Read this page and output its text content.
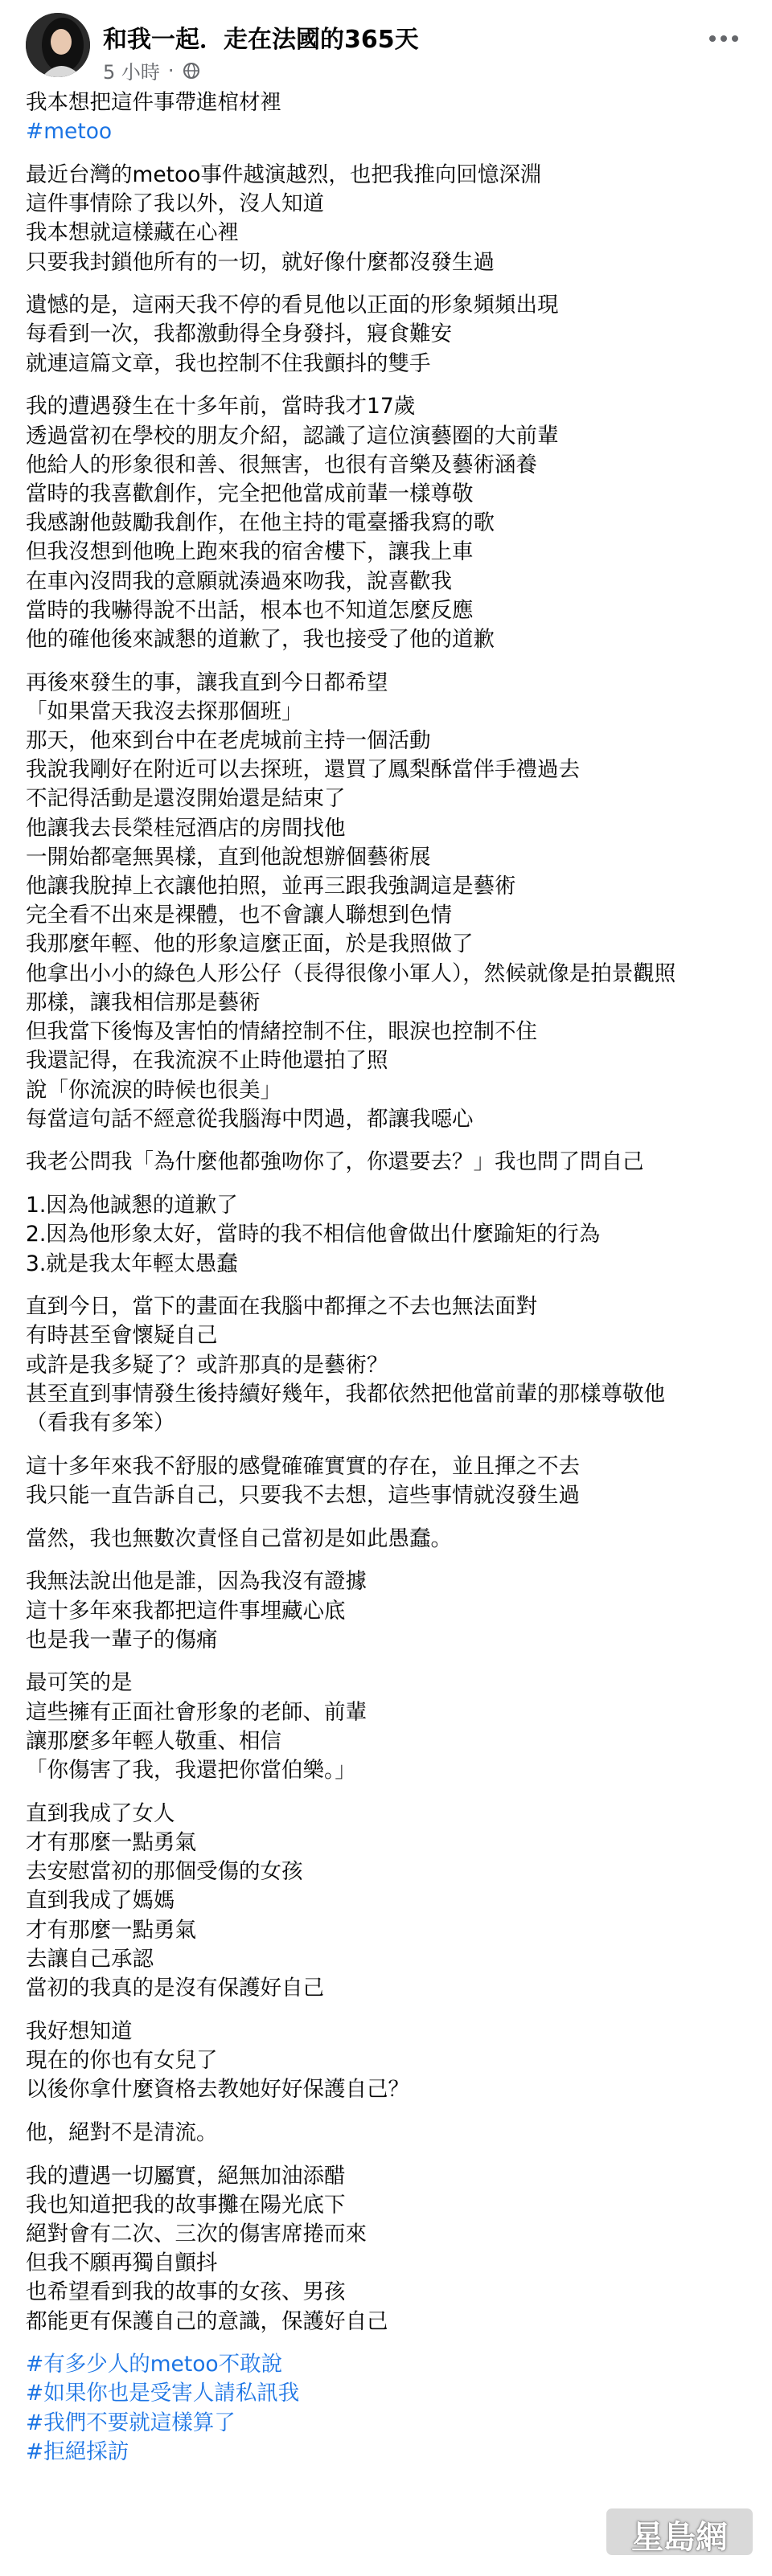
和我一起．走在法國的365天
5 小時 ·
我本想把這件事帶進棺材裡
#metoo
最近台灣的metoo事件越演越烈，也把我推向回憶深淵
這件事情除了我以外，沒人知道
我本想就這樣藏在心裡
只要我封鎖他所有的一切，就好像什麼都沒發生過
遺憾的是，這兩天我不停的看見他以正面的形象頻頻出現
每看到一次，我都激動得全身發抖，寢食難安
就連這篇文章，我也控制不住我顫抖的雙手
我的遭遇發生在十多年前，當時我才17歲
透過當初在學校的朋友介紹，認識了這位演藝圈的大前輩
他給人的形象很和善、很無害，也很有音樂及藝術涵養
當時的我喜歡創作，完全把他當成前輩一樣尊敬
我感謝他鼓勵我創作，在他主持的電臺播我寫的歌
但我沒想到他晚上跑來我的宿舍樓下，讓我上車
在車內沒問我的意願就湊過來吻我，說喜歡我
當時的我嚇得說不出話，根本也不知道怎麼反應
他的確他後來誠懇的道歉了，我也接受了他的道歉
再後來發生的事，讓我直到今日都希望
「如果當天我沒去探那個班」
那天，他來到台中在老虎城前主持一個活動
我說我剛好在附近可以去探班，還買了鳳梨酥當伴手禮過去
不記得活動是還沒開始還是結束了
他讓我去長榮桂冠酒店的房間找他
一開始都毫無異樣，直到他說想辦個藝術展
他讓我脫掉上衣讓他拍照，並再三跟我強調這是藝術
完全看不出來是裸體，也不會讓人聯想到色情
我那麼年輕、他的形象這麼正面，於是我照做了
他拿出小小的綠色人形公仔（長得很像小軍人），然候就像是拍景觀照
那樣，讓我相信那是藝術
但我當下後悔及害怕的情緒控制不住，眼淚也控制不住
我還記得，在我流淚不止時他還拍了照
說「你流淚的時候也很美」
每當這句話不經意從我腦海中閃過，都讓我噁心
我老公問我「為什麼他都強吻你了，你還要去？」我也問了問自己
1.因為他誠懇的道歉了
2.因為他形象太好，當時的我不相信他會做出什麼踰矩的行為
3.就是我太年輕太愚蠢
直到今日，當下的畫面在我腦中都揮之不去也無法面對
有時甚至會懷疑自己
或許是我多疑了？或許那真的是藝術？
甚至直到事情發生後持續好幾年，我都依然把他當前輩的那樣尊敬他
（看我有多笨）
這十多年來我不舒服的感覺確確實實的存在，並且揮之不去
我只能一直告訴自己，只要我不去想，這些事情就沒發生過
當然，我也無數次責怪自己當初是如此愚蠢。
我無法說出他是誰，因為我沒有證據
這十多年來我都把這件事埋藏心底
也是我一輩子的傷痛
最可笑的是
這些擁有正面社會形象的老師、前輩
讓那麼多年輕人敬重、相信
「你傷害了我，我還把你當伯樂。」
直到我成了女人
才有那麼一點勇氣
去安慰當初的那個受傷的女孩
直到我成了媽媽
才有那麼一點勇氣
去讓自己承認
當初的我真的是沒有保護好自己
我好想知道
現在的你也有女兒了
以後你拿什麼資格去教她好好保護自己？
他，絕對不是清流。
我的遭遇一切屬實，絕無加油添醋
我也知道把我的故事攤在陽光底下
絕對會有二次、三次的傷害席捲而來
但我不願再獨自顫抖
也希望看到我的故事的女孩、男孩
都能更有保護自己的意識，保護好自己
#有多少人的metoo不敢說
#如果你也是受害人請私訊我
#我們不要就這樣算了
#拒絕採訪
星島網
